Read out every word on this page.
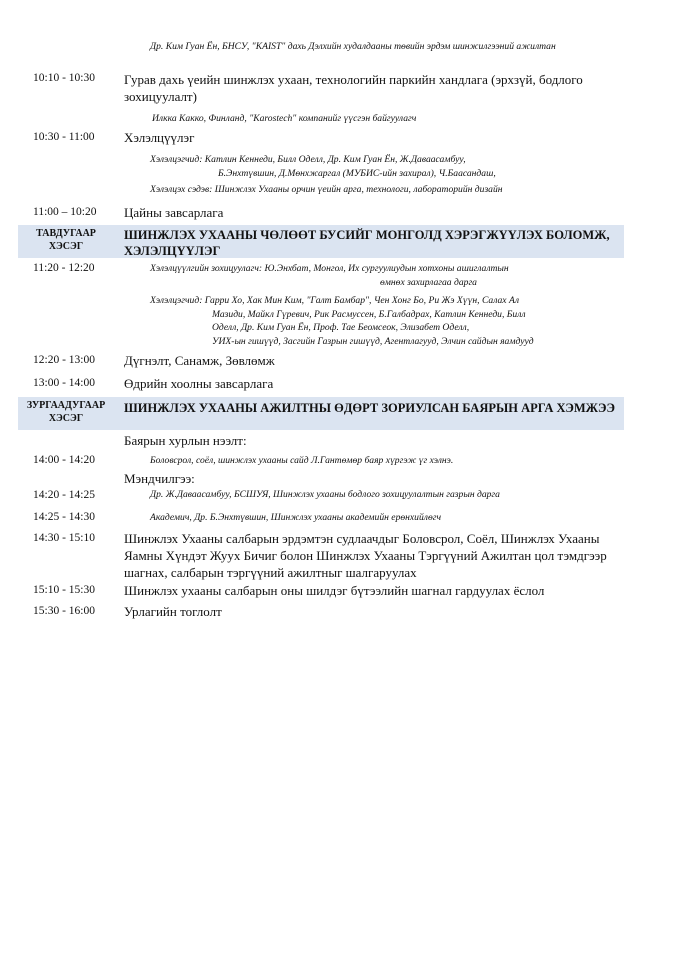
Др. Ким Гуан Ён, БНСУ, "KAIST" дахь Дэлхийн худалдааны төвийн эрдэм шинжилгээний ажилтан
10:10 - 10:30 Гурав дахь үеийн шинжлэх ухаан, технологийн паркийн хандлага (эрхзүй, бодлого
зохицуулалт)
Илкка Какко, Финланд, "Karostech" компанийг үүсгэн байгуулагч
10:30 - 11:00 Хэлэлцүүлэг
Хэлэлцэгчид: Катлин Кеннеди, Билл Оделл, Др. Ким Гуан Ён, Ж.Даваасамбуу,
Б.Энхтүвшин, Д.Мөнхжаргал (МУБИС-ийн захирал), Ч.Баасандаш,
Хэлэлцэх сэдэв: Шинжлэх Ухааны орчин үеийн арга, технологи, лабораторийн дизайн
11:00 – 10:20 Цайны завсарлага
ТАВДУГААР
ХЭСЭГ
ШИНЖЛЭХ УХААНЫ ЧӨЛӨӨТ БУСИЙГ МОНГОЛД ХЭРЭГЖҮҮЛЭХ БОЛОМЖ,
ХЭЛЭЛЦҮҮЛЭГ
11:20 - 12:20	Хэлэлцүүлгийн зохицуулагч: Ю.Энхбат, Монгол, Их сургуулиудын хотхоны ашиглалтын
өмнөх захирлагаа дарга
Хэлэлцэгчид: Гарри Хо, Хак Мин Ким, "Галт Бамбар", Чен Хонг Бо, Ри Жэ Хүүн, Салах Ал
Мазиди, Майкл Гүревич, Рик Расмуссен, Б.Галбадрах, Катлин Кеннеди, Билл
Оделл, Др. Ким Гуан Ён, Проф. Тае Беомсеок, Элизабет Оделл,
УИХ-ын гишүүд, Засгийн Газрын гишүүд, Агентлагууд, Элчин сайдын яамдууд
12:20 - 13:00 Дүгнэлт, Санамж, Зөвлөмж
13:00 - 14:00 Өдрийн хоолны завсарлага
ЗУРГААДУГААР
ХЭСЭГ
ШИНЖЛЭХ УХААНЫ АЖИЛТНЫ ӨДӨРТ ЗОРИУЛСАН БАЯРЫН АРГА ХЭМЖЭЭ
Баярын хурлын нээлт:
14:00 - 14:20	Боловсрол, соёл, шинжлэх ухааны сайд Л.Гантөмөр баяр хүргэж үг хэлнэ.
Мэндчилгээ:
14:20 - 14:25	Др. Ж.Даваасамбуу, БСШУЯ, Шинжлэх ухааны бодлого зохицуулалтын газрын дарга
14:25 - 14:30	Академич, Др. Б.Энхтүвшин, Шинжлэх ухааны академийн ерөнхийлөгч
14:30 - 15:10 Шинжлэх Ухааны салбарын эрдэмтэн судлаачдыг Боловсрол, Соёл, Шинжлэх Ухааны
Яамны Хүндэт Жуух Бичиг болон Шинжлэх Ухааны Тэргүүний Ажилтан цол тэмдгээр
шагнах, салбарын тэргүүний ажилтныг шалгаруулах
15:10 - 15:30 Шинжлэх ухааны салбарын оны шилдэг бүтээлийн шагнал гардуулах ёслол
15:30 - 16:00 Урлагийн тоглолт
